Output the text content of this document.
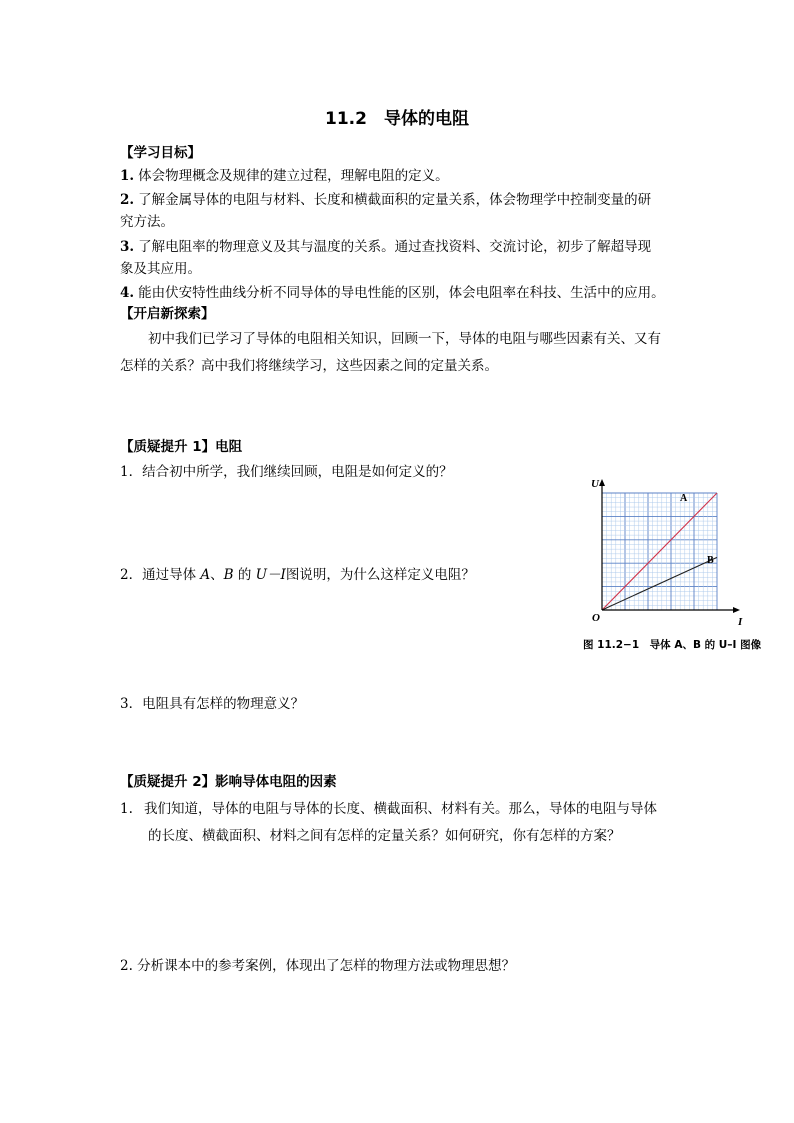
11.2　导体的电阻
【学习目标】
1. 体会物理概念及规律的建立过程，理解电阻的定义。
2. 了解金属导体的电阻与材料、长度和横截面积的定量关系，体会物理学中控制变量的研
究方法。
3. 了解电阻率的物理意义及其与温度的关系。通过查找资料、交流讨论，初步了解超导现
象及其应用。
4. 能由伏安特性曲线分析不同导体的导电性能的区别，体会电阻率在科技、生活中的应用。
【开启新探索】
初中我们已学习了导体的电阻相关知识，回顾一下，导体的电阻与哪些因素有关、又有
怎样的关系？高中我们将继续学习，这些因素之间的定量关系。
【质疑提升 1】电阻
1．结合初中所学，我们继续回顾，电阻是如何定义的？
2．通过导体 A、B 的 U－I图说明，为什么这样定义电阻？
3．电阻具有怎样的物理意义？
U
I
O
A
B
图 11.2−1　导体 A、B 的 U–I 图像
【质疑提升 2】影响导体电阻的因素
1. 我们知道，导体的电阻与导体的长度、横截面积、材料有关。那么，导体的电阻与导体
的长度、横截面积、材料之间有怎样的定量关系？如何研究，你有怎样的方案？
2. 分析课本中的参考案例，体现出了怎样的物理方法或物理思想？
